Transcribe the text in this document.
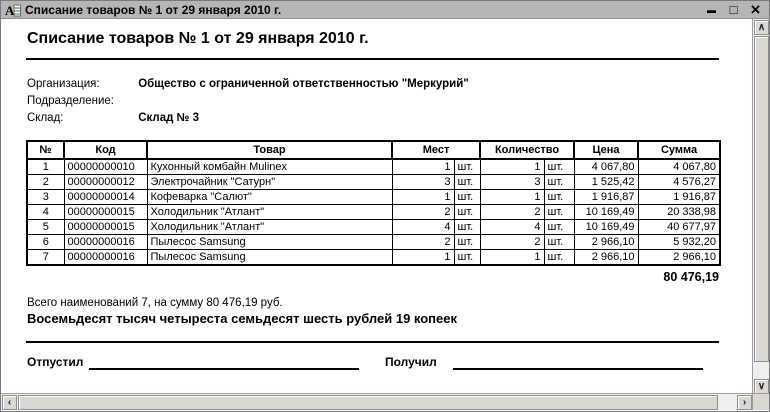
А Списание товаров № 1 от 29 января 2010 г.	▬ □ ×
Списание товаров № 1 от 29 января 2010 г.
Организация:	Общество с ограниченной ответственностью "Меркурий"
Подразделение:
Склад:	Склад № 3
№	Код	Товар	Мест		Количество		Цена	Сумма
1	00000000010	Кухонный комбайн Mulinex	1	шт.	1	шт.	4 067,80	4 067,80
2	00000000012	Электрочайник "Сатурн"	3	шт.	3	шт.	1 525,42	4 576,27
3	00000000014	Кофеварка "Салют"	1	шт.	1	шт.	1 916,87	1 916,87
4	00000000015	Холодильник "Атлант"	2	шт.	2	шт.	10 169,49	20 338,98
5	00000000015	Холодильник "Атлант"	4	шт.	4	шт.	10 169,49	40 677,97
6	00000000016	Пылесос Samsung	2	шт.	2	шт.	2 966,10	5 932,20
7	00000000016	Пылесос Samsung	1	шт.	1	шт.	2 966,10	2 966,10
80 476,19
Всего наименований 7, на сумму 80 476,19 руб.
Восемьдесят тысяч четыреста семьдесят шесть рублей 19 копеек
Отпустил	Получил
∧
∨
‹	›
